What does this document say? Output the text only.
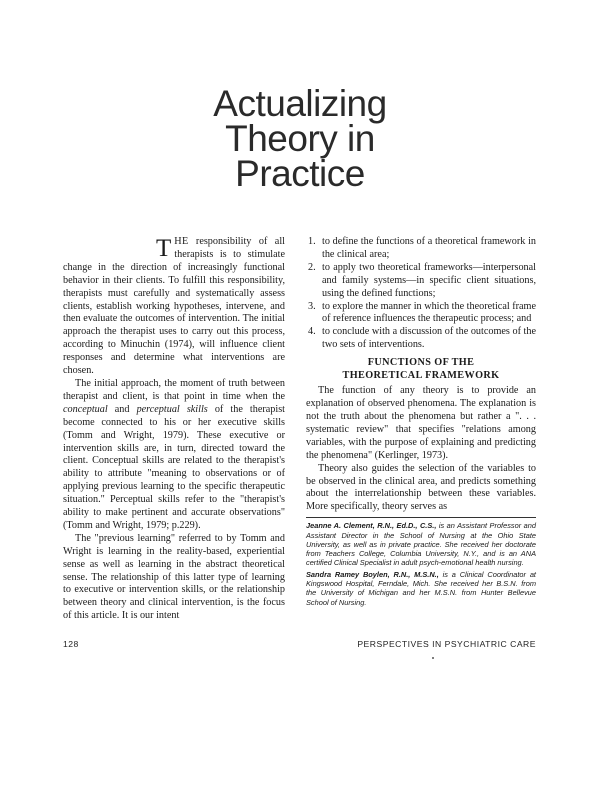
Actualizing
Theory in
Practice

THE responsibility of all therapists is to stimulate change in the direction of increasingly functional behavior in their clients. To fulfill this responsibility, therapists must carefully and systematically assess clients, establish working hypotheses, intervene, and then evaluate the outcomes of intervention. The initial approach the therapist uses to carry out this process, according to Minuchin (1974), will influence client responses and determine what interventions are chosen.

The initial approach, the moment of truth between therapist and client, is that point in time when the conceptual and perceptual skills of the therapist become connected to his or her executive skills (Tomm and Wright, 1979). These executive or intervention skills are, in turn, directed toward the client. Conceptual skills are related to the therapist's ability to attribute "meaning to observations or of applying previous learning to the specific therapeutic situation." Perceptual skills refer to the "therapist's ability to make pertinent and accurate observations" (Tomm and Wright, 1979; p.229).

The "previous learning" referred to by Tomm and Wright is learning in the reality-based, experiential sense as well as learning in the abstract theoretical sense. The relationship of this latter type of learning to executive or intervention skills, or the relationship between theory and clinical intervention, is the focus of this article. It is our intent

1. to define the functions of a theoretical framework in the clinical area;
2. to apply two theoretical frameworks—interpersonal and family systems—in specific client situations, using the defined functions;
3. to explore the manner in which the theoretical frame of reference influences the therapeutic process; and
4. to conclude with a discussion of the outcomes of the two sets of interventions.
FUNCTIONS OF THE
THEORETICAL FRAMEWORK

The function of any theory is to provide an explanation of observed phenomena. The explanation is not the truth about the phenomena but rather a ". . . systematic review" that specifies "relations among variables, with the purpose of explaining and predicting the phenomena" (Kerlinger, 1973).

Theory also guides the selection of the variables to be observed in the clinical area, and predicts something about the interrelationship between these variables. More specifically, theory serves as

Jeanne A. Clement, R.N., Ed.D., C.S., is an Assistant Professor and Assistant Director in the School of Nursing at the Ohio State University, as well as in private practice. She received her doctorate from Teachers College, Columbia University, N.Y., and is an ANA certified Clinical Specialist in adult psych-emotional health nursing.

Sandra Ramey Boylen, R.N., M.S.N., is a Clinical Coordinator at Kingswood Hospital, Ferndale, Mich. She received her B.S.N. from the University of Michigan and her M.S.N. from Hunter Bellevue School of Nursing.

128	PERSPECTIVES IN PSYCHIATRIC CARE
